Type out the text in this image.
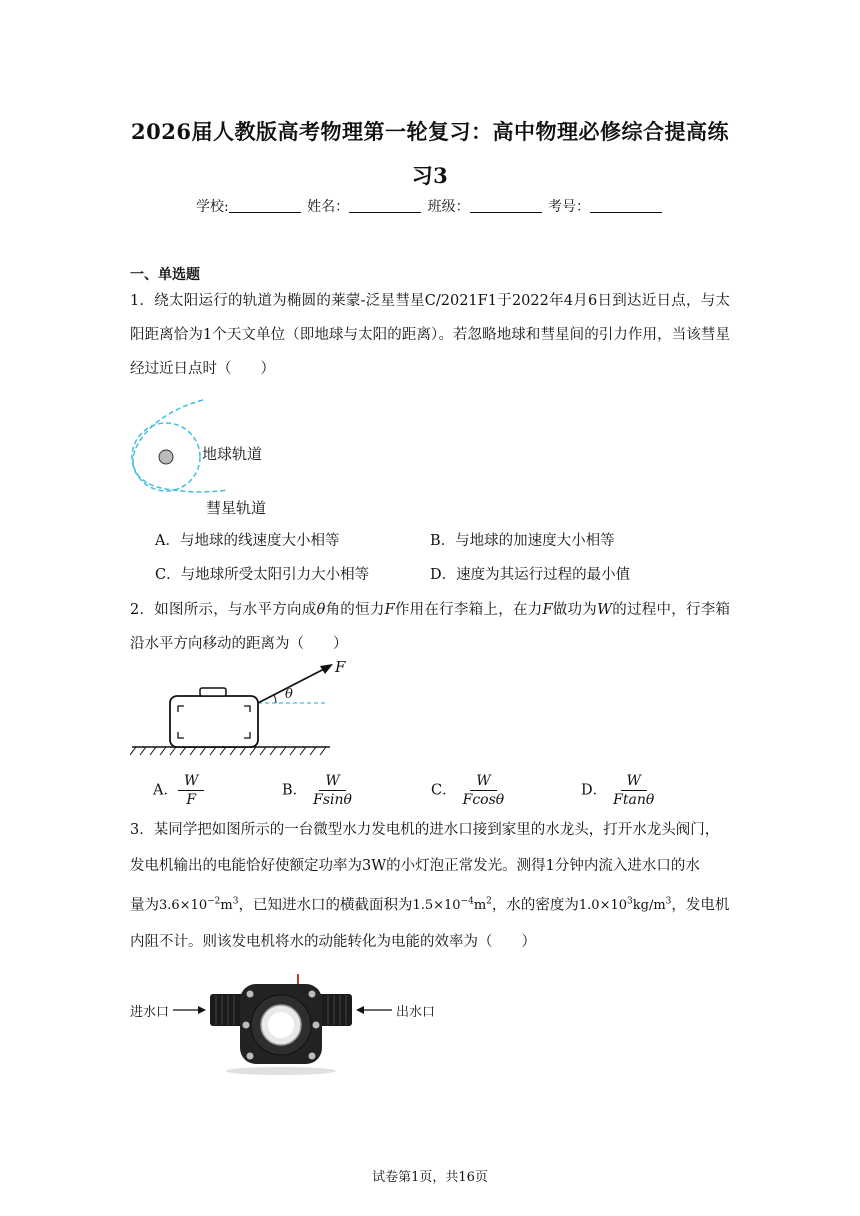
2026届人教版高考物理第一轮复习：高中物理必修综合提高练
习3
学校:	姓名：	班级：	考号：
一、单选题
1．绕太阳运行的轨道为椭圆的莱蒙-泛星彗星C/2021F1于2022年4月6日到达近日点，与太阳距离恰为1个天文单位（即地球与太阳的距离）。若忽略地球和彗星间的引力作用，当该彗星经过近日点时（　　）
地球轨道
彗星轨道
A．与地球的线速度大小相等	B．与地球的加速度大小相等
C．与地球所受太阳引力大小相等	D．速度为其运行过程的最小值
2．如图所示，与水平方向成θ角的恒力F作用在行李箱上，在力F做功为W的过程中，行李箱沿水平方向移动的距离为（　　）
F
θ
A． $\frac{W}{F}$	B． $\frac{W}{Fsin\theta}$	C． $\frac{W}{Fcos\theta}$	D． $\frac{W}{Ftan\theta}$
3．某同学把如图所示的一台微型水力发电机的进水口接到家里的水龙头，打开水龙头阀门，
发电机输出的电能恰好使额定功率为3W的小灯泡正常发光。测得1分钟内流入进水口的水
量为$3.6\times 10^{-2}m^3$，已知进水口的横截面积为$1.5\times 10^{-4}m^2$，水的密度为$1.0\times 10^3kg/m^3$，发电机
内阻不计。则该发电机将水的动能转化为电能的效率为（　　）
进水口	出水口
试卷第1页，共16页
